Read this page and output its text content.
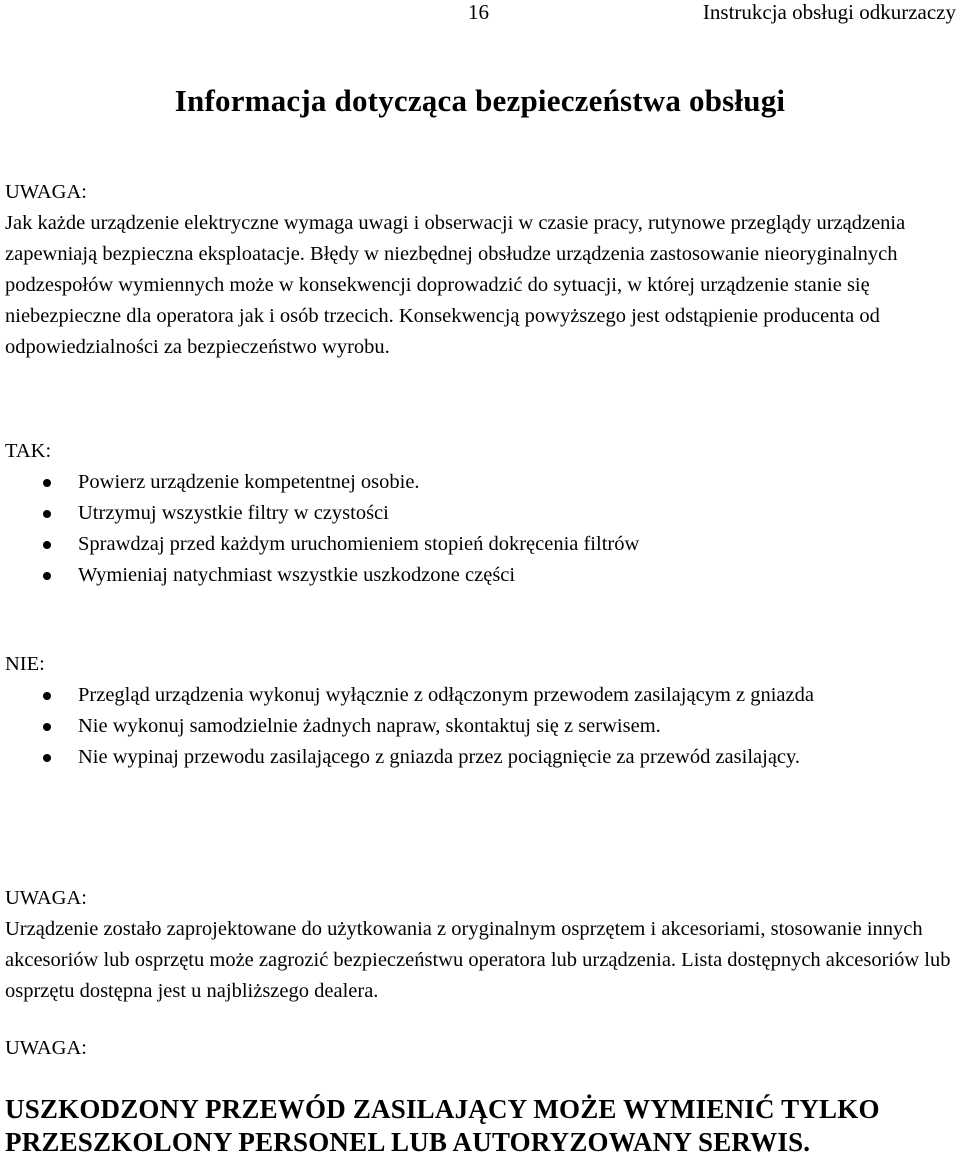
16	Instrukcja obsługi odkurzaczy
Informacja dotycząca bezpieczeństwa obsługi

UWAGA:

Jak każde urządzenie elektryczne wymaga uwagi i obserwacji w czasie pracy, rutynowe przeglądy urządzenia zapewniają bezpieczna eksploatacje. Błędy w niezbędnej obsłudze urządzenia zastosowanie nieoryginalnych podzespołów wymiennych może w konsekwencji doprowadzić do sytuacji, w której urządzenie stanie się niebezpieczne dla operatora jak i osób trzecich. Konsekwencją powyższego jest odstąpienie producenta od odpowiedzialności za bezpieczeństwo wyrobu.

TAK:

Powierz urządzenie kompetentnej osobie.
Utrzymuj wszystkie filtry w czystości
Sprawdzaj przed każdym uruchomieniem stopień dokręcenia filtrów
Wymieniaj natychmiast wszystkie uszkodzone części

NIE:

Przegląd urządzenia wykonuj wyłącznie z odłączonym przewodem zasilającym z gniazda
Nie wykonuj samodzielnie żadnych napraw, skontaktuj się z serwisem.
Nie wypinaj przewodu zasilającego z gniazda przez pociągnięcie za przewód zasilający.

UWAGA:

Urządzenie zostało zaprojektowane do użytkowania z oryginalnym osprzętem i akcesoriami, stosowanie innych akcesoriów lub osprzętu może zagrozić bezpieczeństwu operatora lub urządzenia. Lista dostępnych akcesoriów lub osprzętu dostępna jest u najbliższego dealera.

UWAGA:

USZKODZONY PRZEWÓD ZASILAJĄCY MOŻE WYMIENIĆ TYLKO PRZESZKOLONY PERSONEL LUB AUTORYZOWANY SERWIS.
